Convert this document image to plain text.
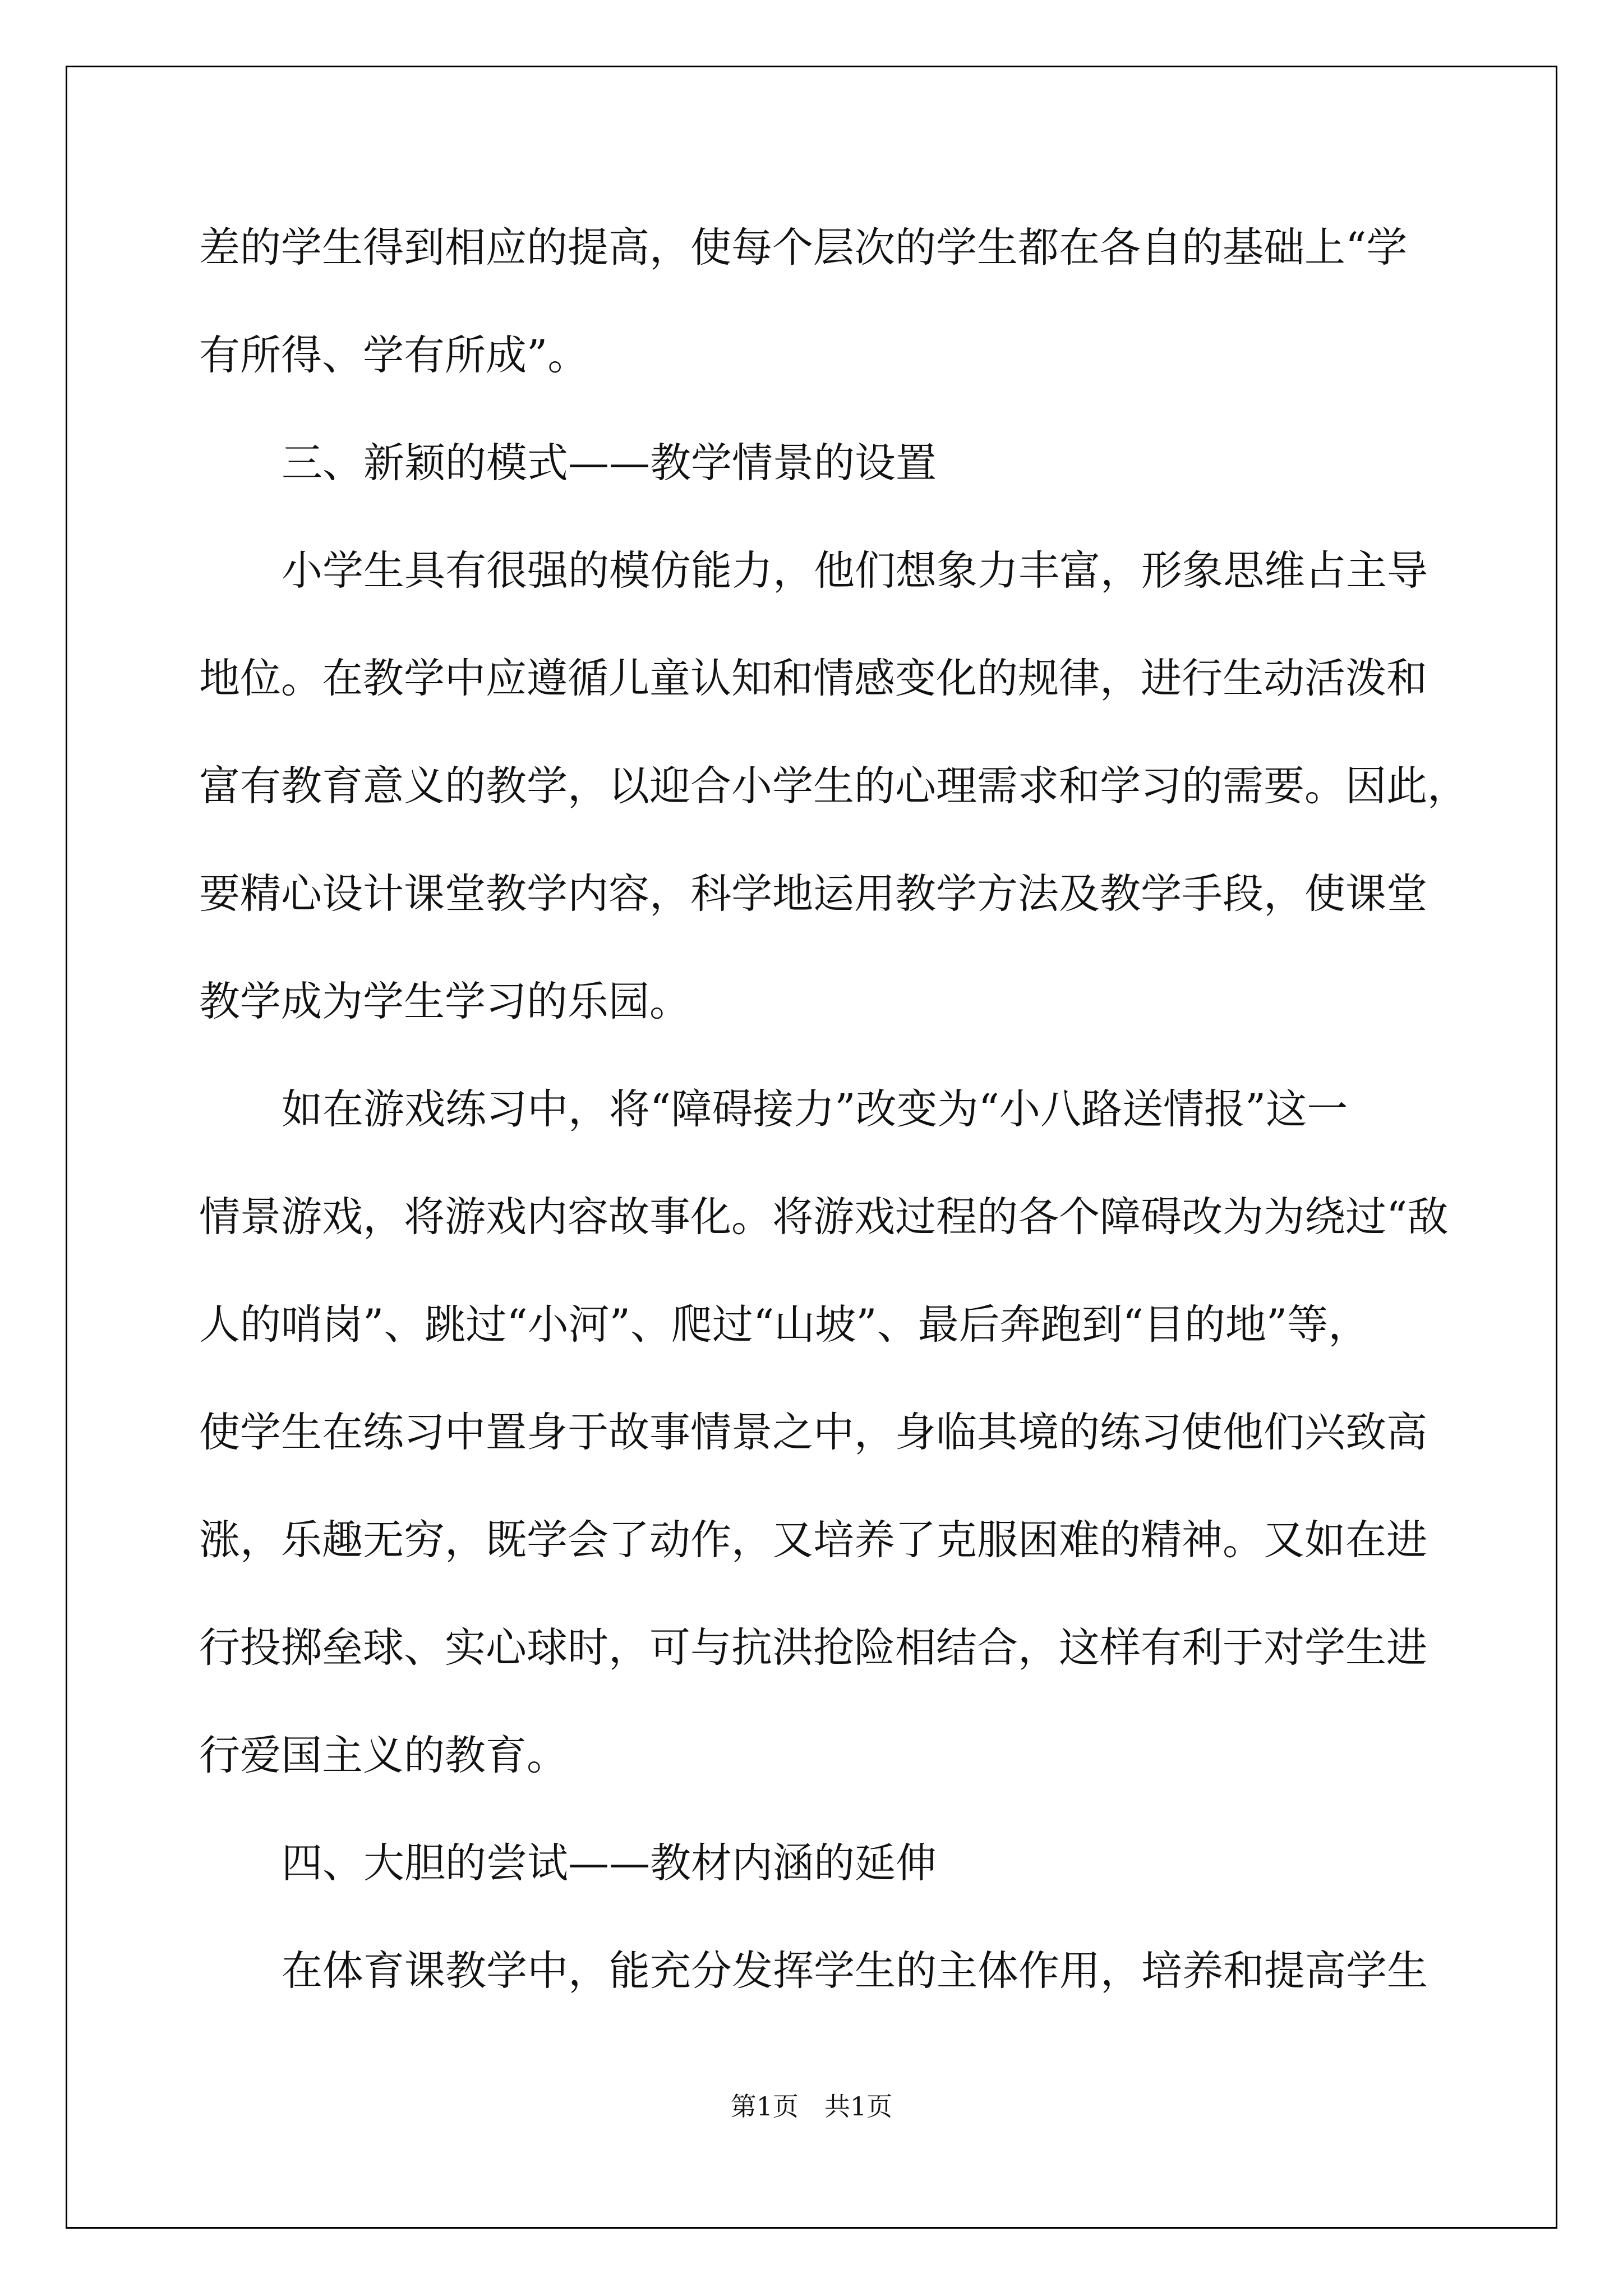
差的学生得到相应的提高，使每个层次的学生都在各自的基础上“学
有所得、学有所成”。
三、新颖的模式——教学情景的设置
小学生具有很强的模仿能力，他们想象力丰富，形象思维占主导
地位。在教学中应遵循儿童认知和情感变化的规律，进行生动活泼和
富有教育意义的教学，以迎合小学生的心理需求和学习的需要。因此，
要精心设计课堂教学内容，科学地运用教学方法及教学手段，使课堂
教学成为学生学习的乐园。
如在游戏练习中，将“障碍接力”改变为“小八路送情报”这一
情景游戏，将游戏内容故事化。将游戏过程的各个障碍改为为绕过“敌
人的哨岗”、跳过“小河”、爬过“山坡”、最后奔跑到“目的地”等，
使学生在练习中置身于故事情景之中，身临其境的练习使他们兴致高
涨，乐趣无穷，既学会了动作，又培养了克服困难的精神。又如在进
行投掷垒球、实心球时，可与抗洪抢险相结合，这样有利于对学生进
行爱国主义的教育。
四、大胆的尝试——教材内涵的延伸
在体育课教学中，能充分发挥学生的主体作用，培养和提高学生
第1页 共1页
